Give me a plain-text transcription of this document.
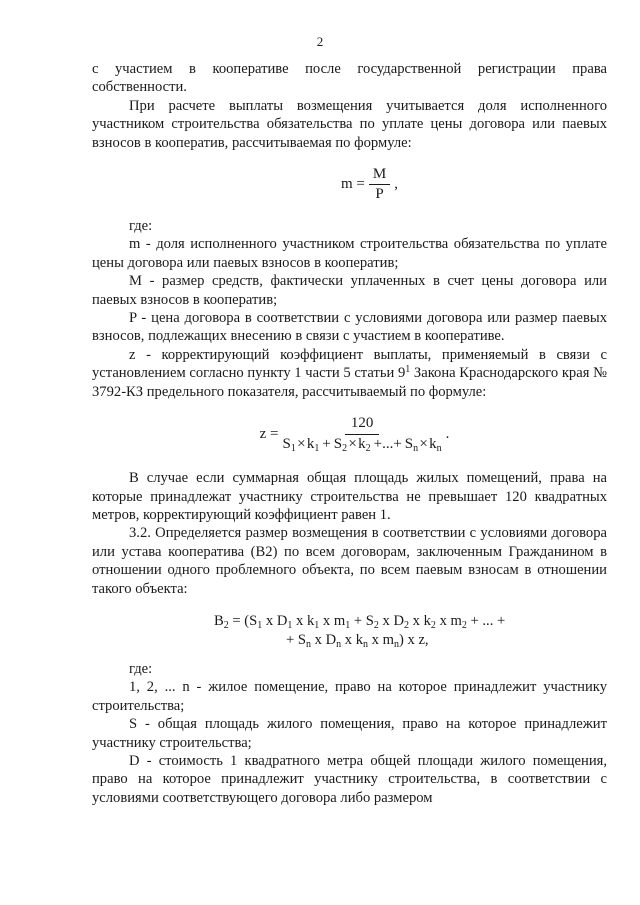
2

с участием в кооперативе после государственной регистрации права собственности.

При расчете выплаты возмещения учитывается доля исполненного участником строительства обязательства по уплате цены договора или паевых взносов в кооператив, рассчитываемая по формуле:

$m = \frac{M}{P}$ ,

где:

m - доля исполненного участником строительства обязательства по уплате цены договора или паевых взносов в кооператив;

M - размер средств, фактически уплаченных в счет цены договора или паевых взносов в кооператив;

P - цена договора в соответствии с условиями договора или размер паевых взносов, подлежащих внесению в связи с участием в кооперативе.

z - корректирующий коэффициент выплаты, применяемый в связи с установлением согласно пункту 1 части 5 статьи $9^1$ Закона Краснодарского края № 3792-КЗ предельного показателя, рассчитываемый по формуле:

$z = \frac{120}{S_1 \times k_1 + S_2 \times k_2 +...+ S_n \times k_n}$ .

В случае если суммарная общая площадь жилых помещений, права на которые принадлежат участнику строительства не превышает 120 квадратных метров, корректирующий коэффициент равен 1.

3.2. Определяется размер возмещения в соответствии с условиями договора или устава кооператива (B2) по всем договорам, заключенным Гражданином в отношении одного проблемного объекта, по всем паевым взносам в отношении такого объекта:

$B_2 = (S_1$ x $D_1$ x $k_1$ x $m_1 + S_2$ x $D_2$ x $k_2$ x $m_2$ + ... +
+ $S_n$ x $D_n$ x $k_n$ x $m_n$) x z,

где:

1, 2, ... n - жилое помещение, право на которое принадлежит участнику строительства;

S - общая площадь жилого помещения, право на которое принадлежит участнику строительства;

D - стоимость 1 квадратного метра общей площади жилого помещения, право на которое принадлежит участнику строительства, в соответствии с условиями соответствующего договора либо размером
